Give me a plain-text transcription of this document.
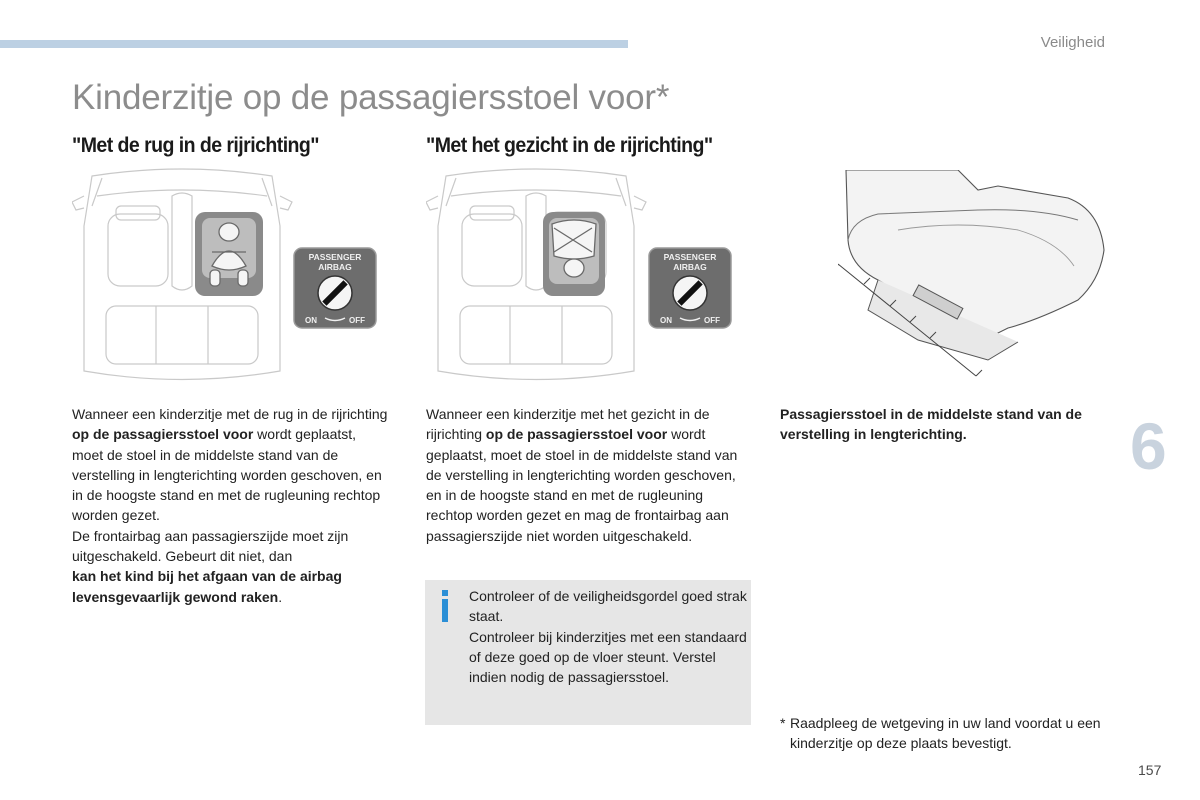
Veiligheid
Kinderzitje op de passagiersstoel voor*
"Met de rug in de rijrichting"	"Met het gezicht in de rijrichting"
PASSENGER
AIRBAG
ON	OFF
PASSENGER
AIRBAG
ON	OFF
Wanneer een kinderzitje met de rug in de rijrichting op de passagiersstoel voor wordt geplaatst, moet de stoel in de middelste stand van de verstelling in lengterichting worden geschoven, en in de hoogste stand en met de rugleuning rechtop worden gezet.
De frontairbag aan passagierszijde moet zijn uitgeschakeld. Gebeurt dit niet, dan
kan het kind bij het afgaan van de airbag levensgevaarlijk gewond raken.
Wanneer een kinderzitje met het gezicht in de rijrichting op de passagiersstoel voor wordt geplaatst, moet de stoel in de middelste stand van de verstelling in lengterichting worden geschoven, en in de hoogste stand en met de rugleuning rechtop worden gezet en mag de frontairbag aan passagierszijde niet worden uitgeschakeld.
Controleer of de veiligheidsgordel goed strak staat.
Controleer bij kinderzitjes met een standaard of deze goed op de vloer steunt. Verstel indien nodig de passagiersstoel.
Passagiersstoel in de middelste stand van de verstelling in lengterichting.	6
* Raadpleeg de wetgeving in uw land voordat u een kinderzitje op deze plaats bevestigt.
157
